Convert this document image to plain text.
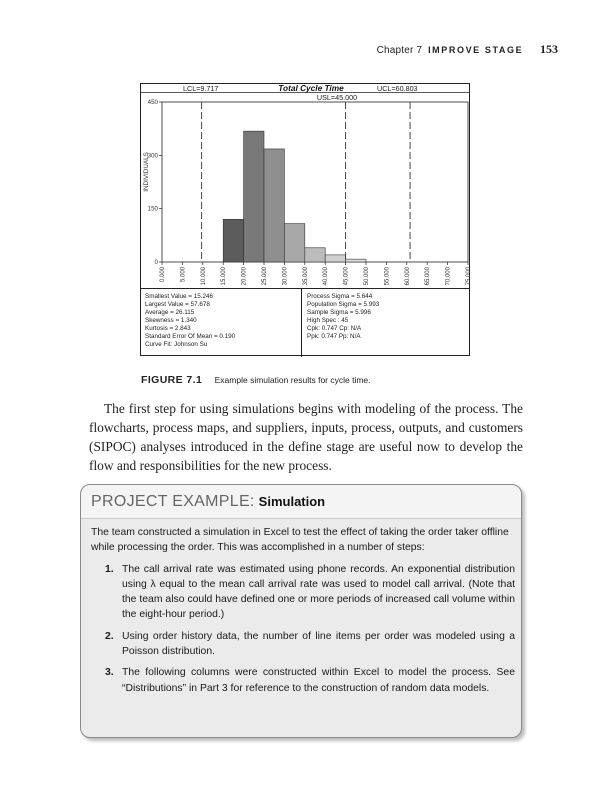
Chapter 7 IMPROVE STAGE 153
LCL=9.717	Total Cycle Time	UCL=60.803
USL=45.000
0
150
300
450
INDIVIDUALS
0.000 5.000 10.000 15.000 20.000 25.000 30.000 35.000 40.000 45.000 50.000 55.000 60.000 65.000 70.000 75.000
Smallest Value = 15.246
Largest Value = 57.678
Average = 26.115
Skewness = 1.340
Kurtosis = 2.843
Standard Error Of Mean = 0.190
Curve Fit: Johnson Su
Process Sigma = 5.644
Population Sigma = 5.993
Sample Sigma = 5.996
High Spec : 45
Cpk: 0.747 Cp: N/A
Ppk: 0.747 Pp: N/A
FIGURE 7.1 Example simulation results for cycle time.

The first step for using simulations begins with modeling of the process. The flowcharts, process maps, and suppliers, inputs, process, outputs, and customers (SIPOC) analyses introduced in the define stage are useful now to develop the flow and responsibilities for the new process.

PROJECT EXAMPLE: Simulation

The team constructed a simulation in Excel to test the effect of taking the order taker offline while processing the order. This was accomplished in a number of steps:

1. The call arrival rate was estimated using phone records. An exponential distribution using λ equal to the mean call arrival rate was used to model call arrival. (Note that the team also could have defined one or more periods of increased call volume within the eight-hour period.)
2. Using order history data, the number of line items per order was modeled using a Poisson distribution.
3. The following columns were constructed within Excel to model the process. See “Distributions” in Part 3 for reference to the construction of random data models.
